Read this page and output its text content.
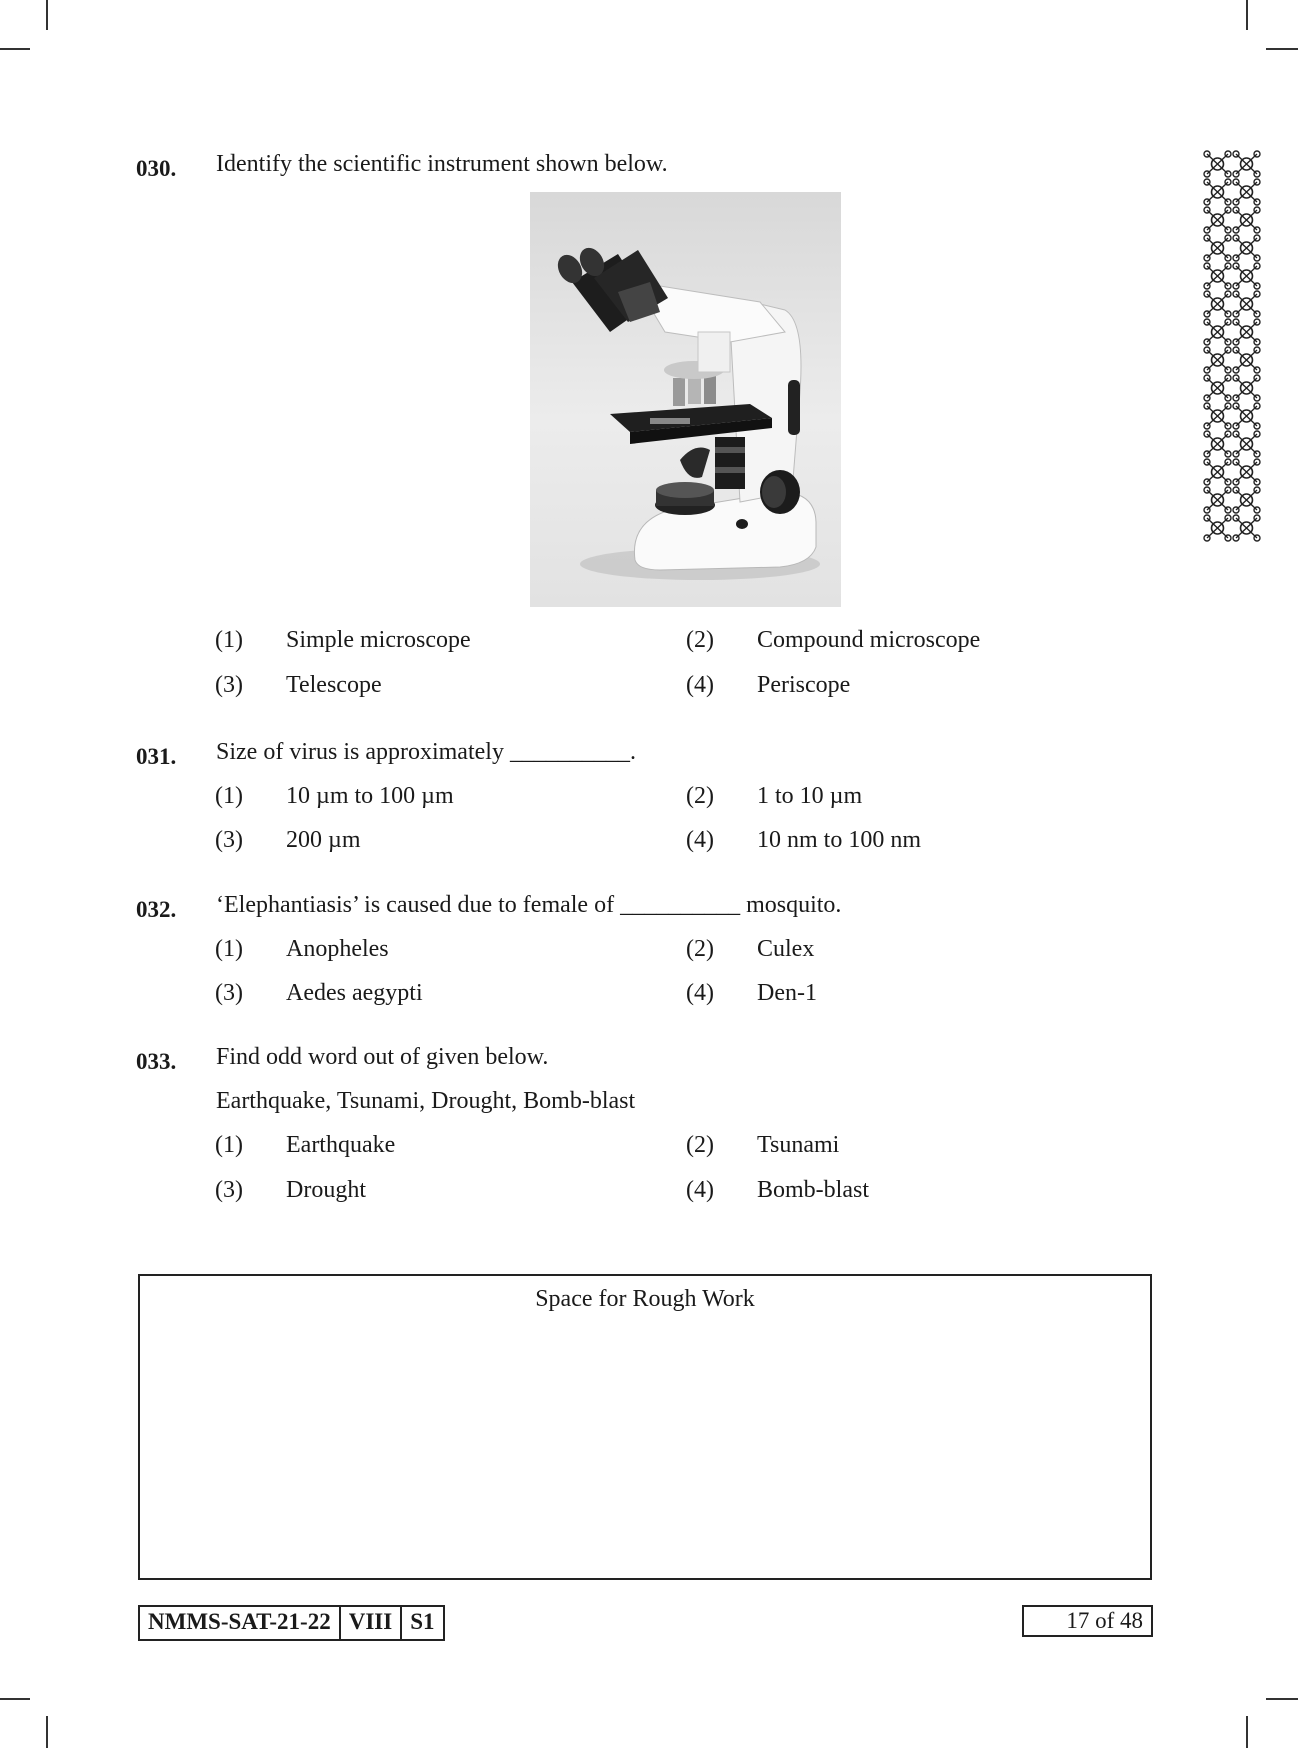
030. Identify the scientific instrument shown below.
(1) Simple microscope	(2) Compound microscope
(3) Telescope	(4) Periscope
031. Size of virus is approximately __________.
(1) 10 µm to 100 µm	(2) 1 to 10 µm
(3) 200 µm	(4) 10 nm to 100 nm
032. ‘Elephantiasis’ is caused due to female of __________ mosquito.
(1) Anopheles	(2) Culex
(3) Aedes aegypti	(4) Den-1
033. Find odd word out of given below.
Earthquake, Tsunami, Drought, Bomb-blast
(1) Earthquake	(2) Tsunami
(3) Drought	(4) Bomb-blast
Space for Rough Work
NMMS-SAT-21-22 VIII S1	17 of 48
